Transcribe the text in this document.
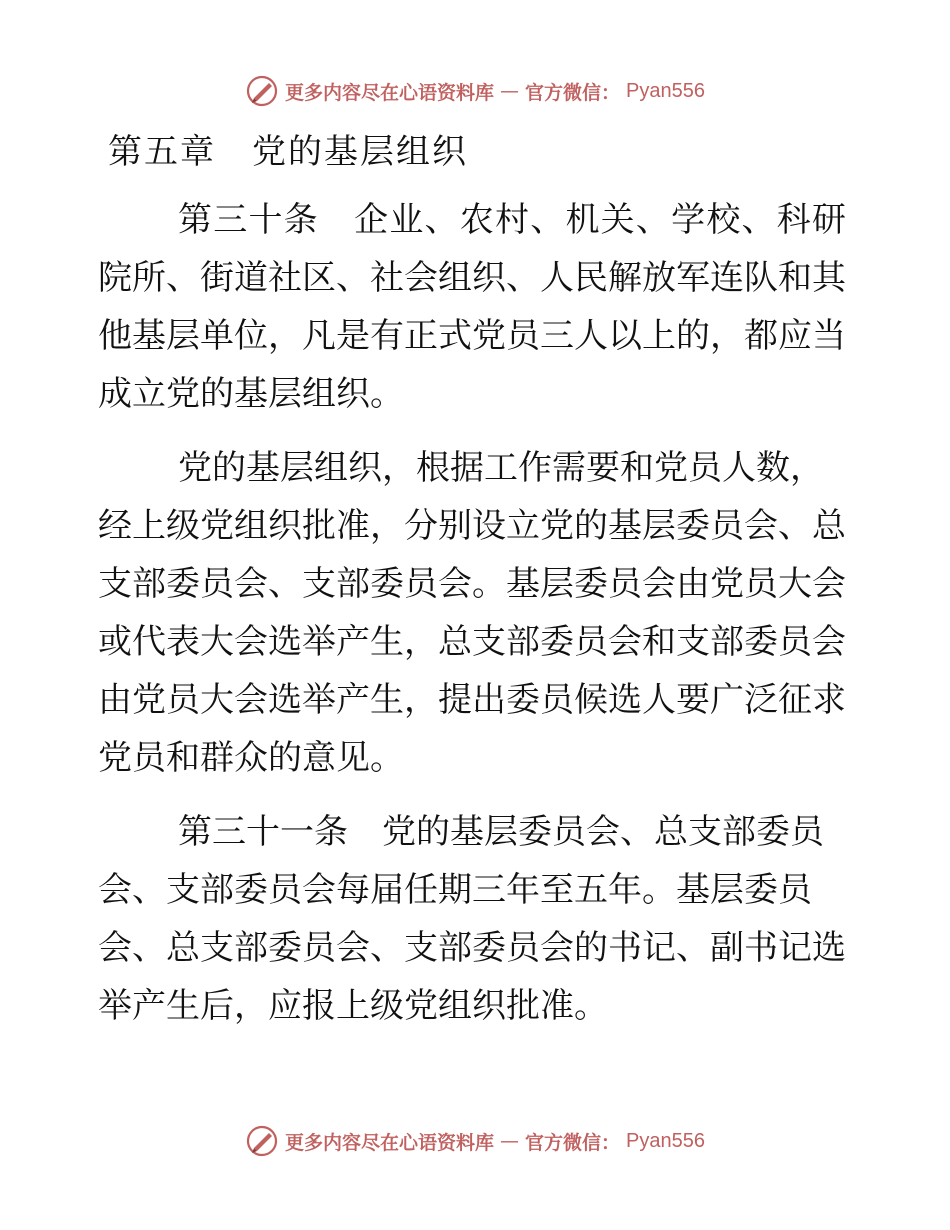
更多内容尽在心语资料库 — 官方微信： Pyan556
第五章　党的基层组织
第三十条　企业、农村、机关、学校、科研
院所、街道社区、社会组织、人民解放军连队和其
他基层单位，凡是有正式党员三人以上的，都应当
成立党的基层组织。
党的基层组织，根据工作需要和党员人数，
经上级党组织批准，分别设立党的基层委员会、总
支部委员会、支部委员会。基层委员会由党员大会
或代表大会选举产生，总支部委员会和支部委员会
由党员大会选举产生，提出委员候选人要广泛征求
党员和群众的意见。
第三十一条　党的基层委员会、总支部委员
会、支部委员会每届任期三年至五年。基层委员
会、总支部委员会、支部委员会的书记、副书记选
举产生后，应报上级党组织批准。
更多内容尽在心语资料库 — 官方微信： Pyan556
